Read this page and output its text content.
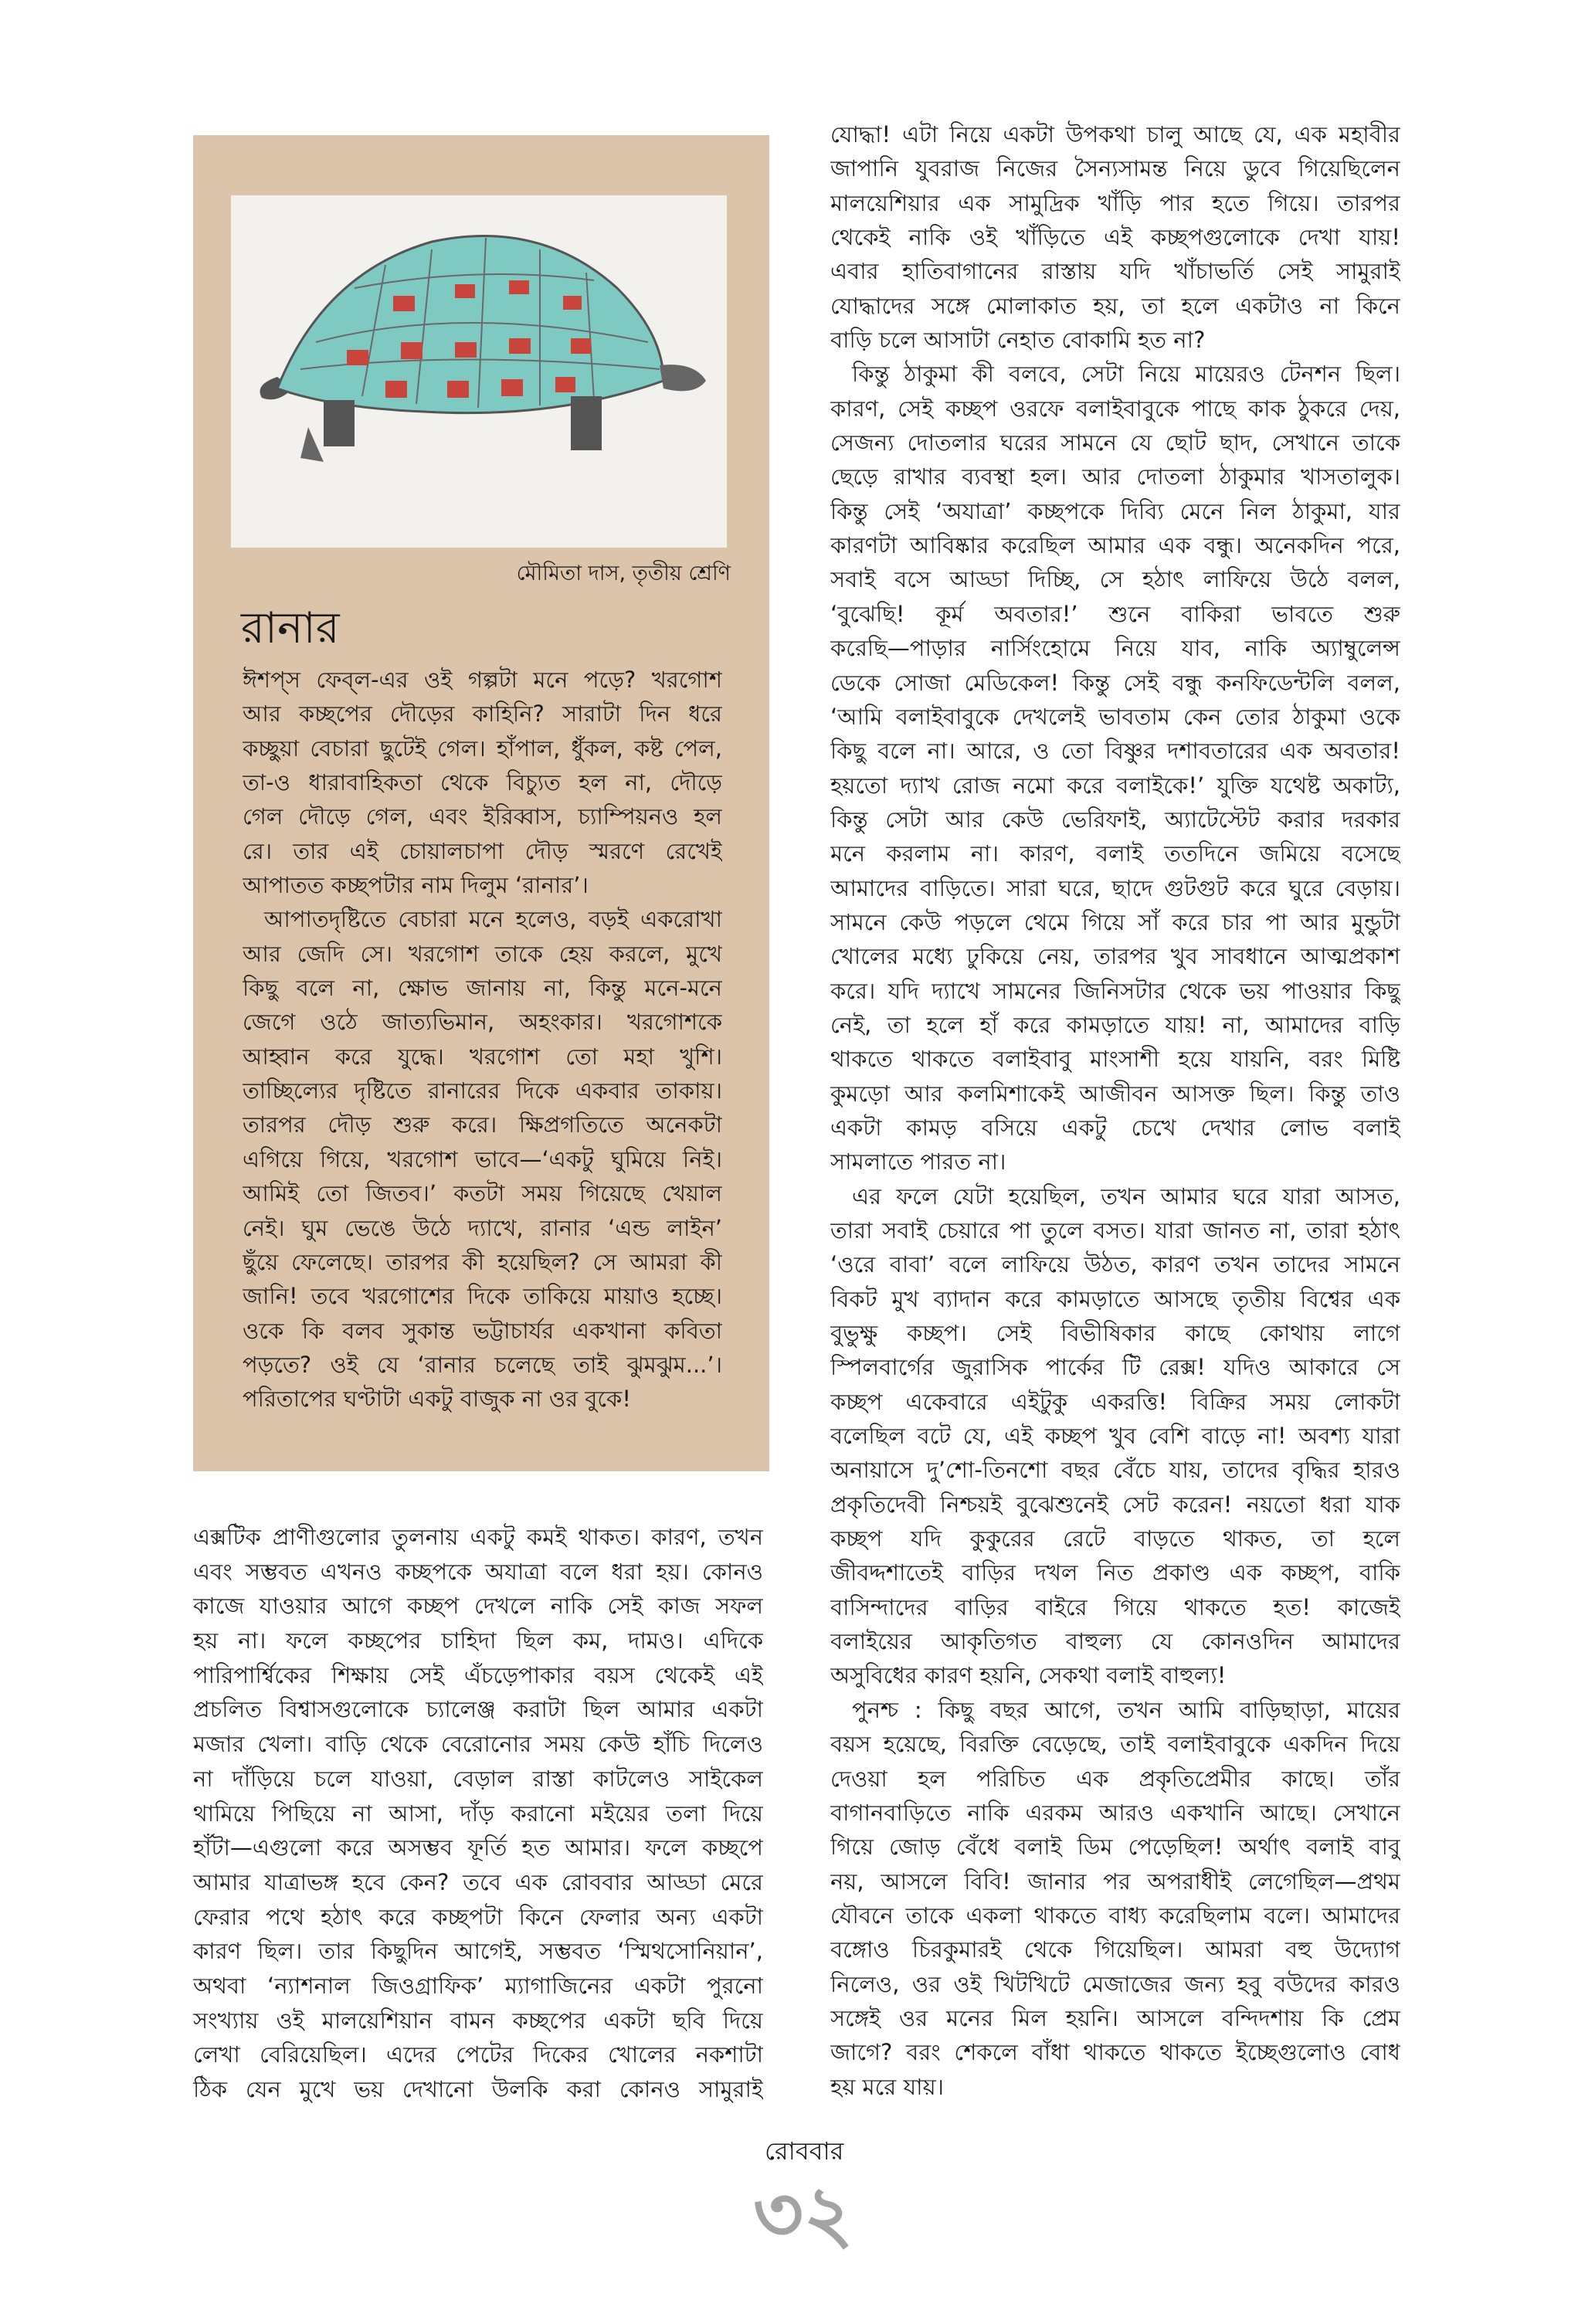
মৌমিতা দাস, তৃতীয় শ্রেণি
রানার
ঈশপ্‌স ফেব্‌ল-এর ওই গল্পটা মনে পড়ে? খরগোশ
আর কচ্ছপের দৌড়ের কাহিনি? সারাটা দিন ধরে
কচ্ছুয়া বেচারা ছুটেই গেল। হাঁপাল, ধুঁকল, কষ্ট পেল,
তা-ও ধারাবাহিকতা থেকে বিচ্যুত হল না, দৌড়ে
গেল দৌড়ে গেল, এবং ইরিব্বাস, চ্যাম্পিয়নও হল
রে। তার এই চোয়ালচাপা দৌড় স্মরণে রেখেই
আপাতত কচ্ছপটার নাম দিলুম ‘রানার’।
আপাতদৃষ্টিতে বেচারা মনে হলেও, বড়ই একরোখা
আর জেদি সে। খরগোশ তাকে হেয় করলে, মুখে
কিছু বলে না, ক্ষোভ জানায় না, কিন্তু মনে-মনে
জেগে ওঠে জাত্যভিমান, অহংকার। খরগোশকে
আহ্বান করে যুদ্ধে। খরগোশ তো মহা খুশি।
তাচ্ছিল্যের দৃষ্টিতে রানারের দিকে একবার তাকায়।
তারপর দৌড় শুরু করে। ক্ষিপ্রগতিতে অনেকটা
এগিয়ে গিয়ে, খরগোশ ভাবে—‘একটু ঘুমিয়ে নিই।
আমিই তো জিতব।’ কতটা সময় গিয়েছে খেয়াল
নেই। ঘুম ভেঙে উঠে দ্যাখে, রানার ‘এন্ড লাইন’
ছুঁয়ে ফেলেছে। তারপর কী হয়েছিল? সে আমরা কী
জানি! তবে খরগোশের দিকে তাকিয়ে মায়াও হচ্ছে।
ওকে কি বলব সুকান্ত ভট্টাচার্যর একখানা কবিতা
পড়তে? ওই যে ‘রানার চলেছে তাই ঝুমঝুম...’।
পরিতাপের ঘণ্টাটা একটু বাজুক না ওর বুকে!
এক্সটিক প্রাণীগুলোর তুলনায় একটু কমই থাকত। কারণ, তখন
এবং সম্ভবত এখনও কচ্ছপকে অযাত্রা বলে ধরা হয়। কোনও
কাজে যাওয়ার আগে কচ্ছপ দেখলে নাকি সেই কাজ সফল
হয় না। ফলে কচ্ছপের চাহিদা ছিল কম, দামও। এদিকে
পারিপার্শ্বিকের শিক্ষায় সেই এঁচড়েপাকার বয়স থেকেই এই
প্রচলিত বিশ্বাসগুলোকে চ্যালেঞ্জ করাটা ছিল আমার একটা
মজার খেলা। বাড়ি থেকে বেরোনোর সময় কেউ হাঁচি দিলেও
না দাঁড়িয়ে চলে যাওয়া, বেড়াল রাস্তা কাটলেও সাইকেল
থামিয়ে পিছিয়ে না আসা, দাঁড় করানো মইয়ের তলা দিয়ে
হাঁটা—এগুলো করে অসম্ভব ফূর্তি হত আমার। ফলে কচ্ছপে
আমার যাত্রাভঙ্গ হবে কেন? তবে এক রোববার আড্ডা মেরে
ফেরার পথে হঠাৎ করে কচ্ছপটা কিনে ফেলার অন্য একটা
কারণ ছিল। তার কিছুদিন আগেই, সম্ভবত ‘স্মিথসোনিয়ান’,
অথবা ‘ন্যাশনাল জিওগ্রাফিক’ ম্যাগাজিনের একটা পুরনো
সংখ্যায় ওই মালয়েশিয়ান বামন কচ্ছপের একটা ছবি দিয়ে
লেখা বেরিয়েছিল। এদের পেটের দিকের খোলের নকশাটা
ঠিক যেন মুখে ভয় দেখানো উলকি করা কোনও সামুরাই
যোদ্ধা! এটা নিয়ে একটা উপকথা চালু আছে যে, এক মহাবীর
জাপানি যুবরাজ নিজের সৈন্যসামন্ত নিয়ে ডুবে গিয়েছিলেন
মালয়েশিয়ার এক সামুদ্রিক খাঁড়ি পার হতে গিয়ে। তারপর
থেকেই নাকি ওই খাঁড়িতে এই কচ্ছপগুলোকে দেখা যায়!
এবার হাতিবাগানের রাস্তায় যদি খাঁচাভর্তি সেই সামুরাই
যোদ্ধাদের সঙ্গে মোলাকাত হয়, তা হলে একটাও না কিনে
বাড়ি চলে আসাটা নেহাত বোকামি হত না?
কিন্তু ঠাকুমা কী বলবে, সেটা নিয়ে মায়েরও টেনশন ছিল।
কারণ, সেই কচ্ছপ ওরফে বলাইবাবুকে পাছে কাক ঠুকরে দেয়,
সেজন্য দোতলার ঘরের সামনে যে ছোট ছাদ, সেখানে তাকে
ছেড়ে রাখার ব্যবস্থা হল। আর দোতলা ঠাকুমার খাসতালুক।
কিন্তু সেই ‘অযাত্রা’ কচ্ছপকে দিব্যি মেনে নিল ঠাকুমা, যার
কারণটা আবিষ্কার করেছিল আমার এক বন্ধু। অনেকদিন পরে,
সবাই বসে আড্ডা দিচ্ছি, সে হঠাৎ লাফিয়ে উঠে বলল,
‘বুঝেছি! কূর্ম অবতার!’ শুনে বাকিরা ভাবতে শুরু
করেছি—পাড়ার নার্সিংহোমে নিয়ে যাব, নাকি অ্যাম্বুলেন্স
ডেকে সোজা মেডিকেল! কিন্তু সেই বন্ধু কনফিডেন্টলি বলল,
‘আমি বলাইবাবুকে দেখলেই ভাবতাম কেন তোর ঠাকুমা ওকে
কিছু বলে না। আরে, ও তো বিষ্ণুর দশাবতারের এক অবতার!
হয়তো দ্যাখ রোজ নমো করে বলাইকে!’ যুক্তি যথেষ্ট অকাট্য,
কিন্তু সেটা আর কেউ ভেরিফাই, অ্যাটেস্টেট করার দরকার
মনে করলাম না। কারণ, বলাই ততদিনে জমিয়ে বসেছে
আমাদের বাড়িতে। সারা ঘরে, ছাদে গুটগুট করে ঘুরে বেড়ায়।
সামনে কেউ পড়লে থেমে গিয়ে সাঁ করে চার পা আর মুন্ডুটা
খোলের মধ্যে ঢুকিয়ে নেয়, তারপর খুব সাবধানে আত্মপ্রকাশ
করে। যদি দ্যাখে সামনের জিনিসটার থেকে ভয় পাওয়ার কিছু
নেই, তা হলে হাঁ করে কামড়াতে যায়! না, আমাদের বাড়ি
থাকতে থাকতে বলাইবাবু মাংসাশী হয়ে যায়নি, বরং মিষ্টি
কুমড়ো আর কলমিশাকেই আজীবন আসক্ত ছিল। কিন্তু তাও
একটা কামড় বসিয়ে একটু চেখে দেখার লোভ বলাই
সামলাতে পারত না।
এর ফলে যেটা হয়েছিল, তখন আমার ঘরে যারা আসত,
তারা সবাই চেয়ারে পা তুলে বসত। যারা জানত না, তারা হঠাৎ
‘ওরে বাবা’ বলে লাফিয়ে উঠত, কারণ তখন তাদের সামনে
বিকট মুখ ব্যাদান করে কামড়াতে আসছে তৃতীয় বিশ্বের এক
বুভুক্ষু কচ্ছপ। সেই বিভীষিকার কাছে কোথায় লাগে
স্পিলবার্গের জুরাসিক পার্কের টি রেক্স! যদিও আকারে সে
কচ্ছপ একেবারে এইটুকু একরত্তি! বিক্রির সময় লোকটা
বলেছিল বটে যে, এই কচ্ছপ খুব বেশি বাড়ে না! অবশ্য যারা
অনায়াসে দু’শো-তিনশো বছর বেঁচে যায়, তাদের বৃদ্ধির হারও
প্রকৃতিদেবী নিশ্চয়ই বুঝেশুনেই সেট করেন! নয়তো ধরা যাক
কচ্ছপ যদি কুকুরের রেটে বাড়তে থাকত, তা হলে
জীবদ্দশাতেই বাড়ির দখল নিত প্রকাণ্ড এক কচ্ছপ, বাকি
বাসিন্দাদের বাড়ির বাইরে গিয়ে থাকতে হত! কাজেই
বলাইয়ের আকৃতিগত বাহুল্য যে কোনওদিন আমাদের
অসুবিধের কারণ হয়নি, সেকথা বলাই বাহুল্য!
পুনশ্চ : কিছু বছর আগে, তখন আমি বাড়িছাড়া, মায়ের
বয়স হয়েছে, বিরক্তি বেড়েছে, তাই বলাইবাবুকে একদিন দিয়ে
দেওয়া হল পরিচিত এক প্রকৃতিপ্রেমীর কাছে। তাঁর
বাগানবাড়িতে নাকি এরকম আরও একখানি আছে। সেখানে
গিয়ে জোড় বেঁধে বলাই ডিম পেড়েছিল! অর্থাৎ বলাই বাবু
নয়, আসলে বিবি! জানার পর অপরাধীই লেগেছিল—প্রথম
যৌবনে তাকে একলা থাকতে বাধ্য করেছিলাম বলে। আমাদের
বঙ্গোও চিরকুমারই থেকে গিয়েছিল। আমরা বহু উদ্যোগ
নিলেও, ওর ওই খিটখিটে মেজাজের জন্য হবু বউদের কারও
সঙ্গেই ওর মনের মিল হয়নি। আসলে বন্দিদশায় কি প্রেম
জাগে? বরং শেকলে বাঁধা থাকতে থাকতে ইচ্ছেগুলোও বোধ
হয় মরে যায়।
রোববার
৩২
